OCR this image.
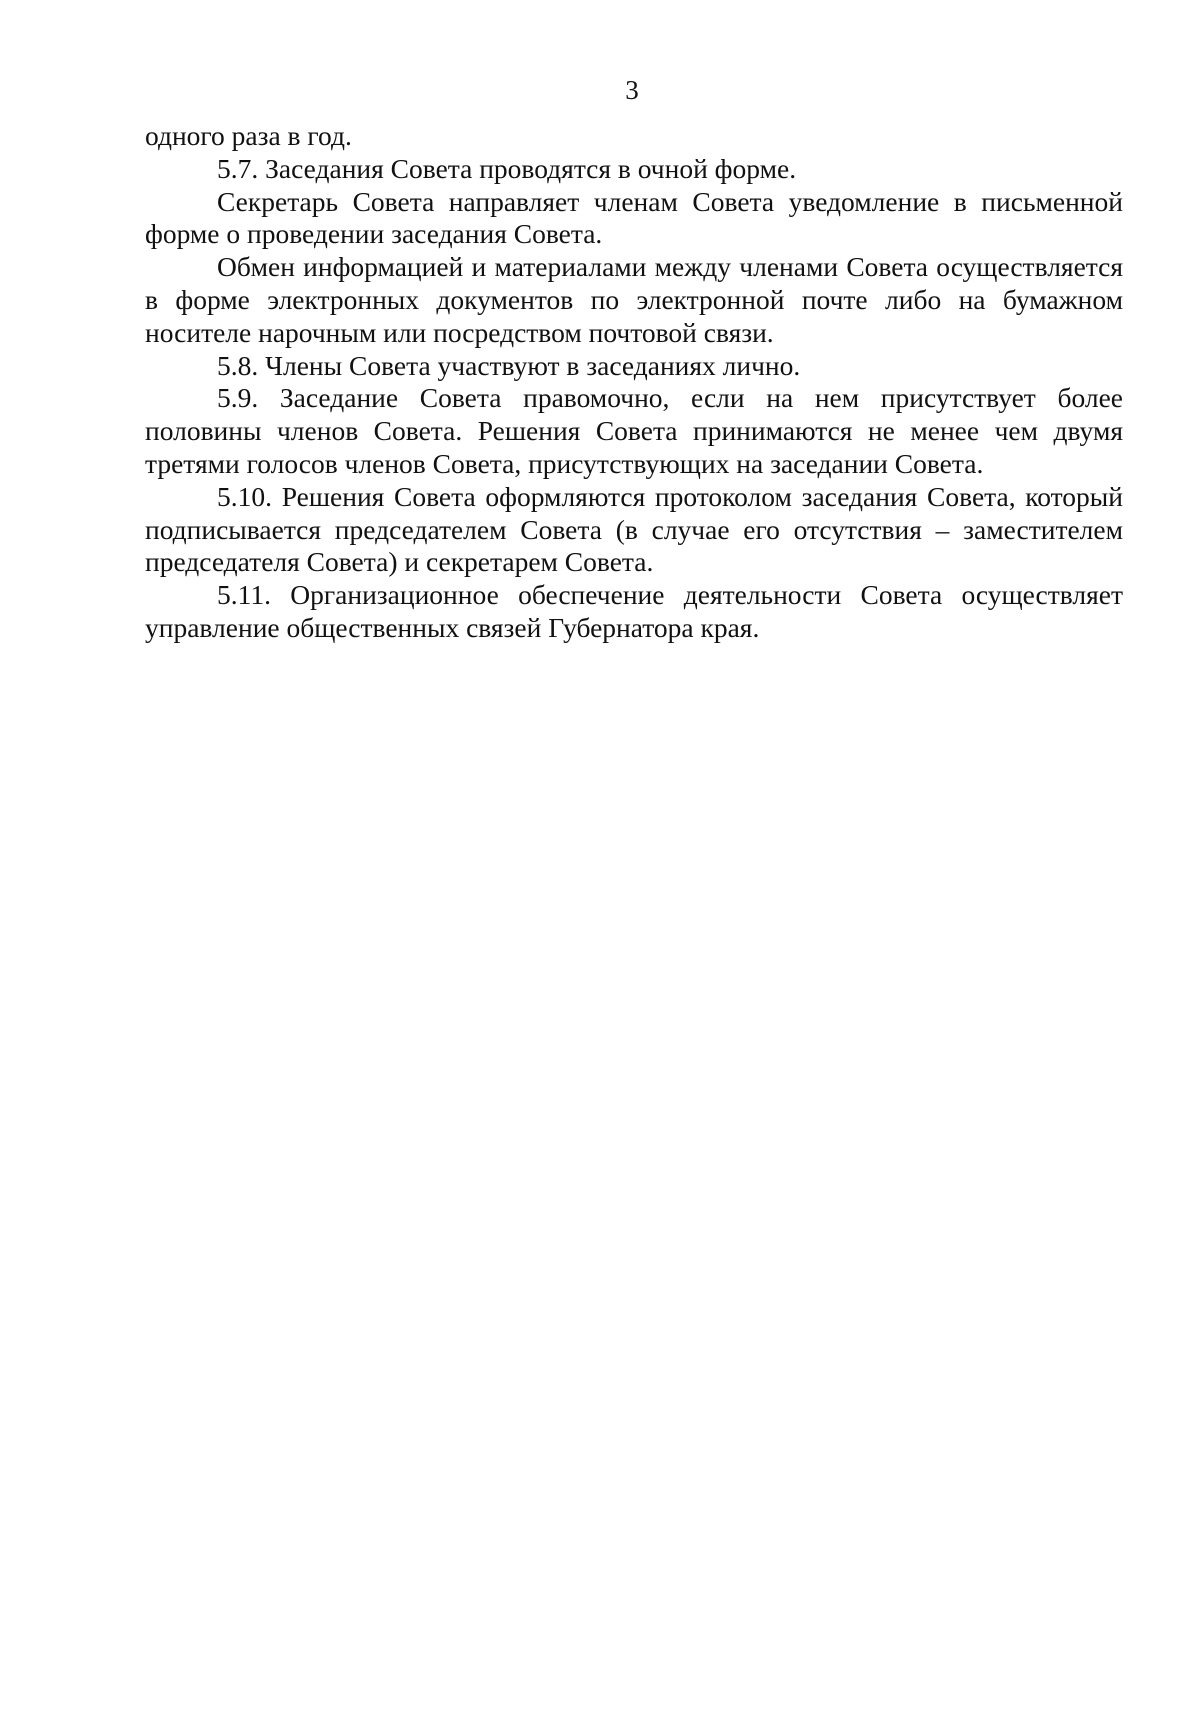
3

одного раза в год.

5.7. Заседания Совета проводятся в очной форме.

Секретарь Совета направляет членам Совета уведомление в письменной форме о проведении заседания Совета.

Обмен информацией и материалами между членами Совета осуществляется в форме электронных документов по электронной почте либо на бумажном носителе нарочным или посредством почтовой связи.

5.8. Члены Совета участвуют в заседаниях лично.

5.9. Заседание Совета правомочно, если на нем присутствует более половины членов Совета. Решения Совета принимаются не менее чем двумя третями голосов членов Совета, присутствующих на заседании Совета.

5.10. Решения Совета оформляются протоколом заседания Совета, который подписывается председателем Совета (в случае его отсутствия – заместителем председателя Совета) и секретарем Совета.

5.11. Организационное обеспечение деятельности Совета осуществляет управление общественных связей Губернатора края.
